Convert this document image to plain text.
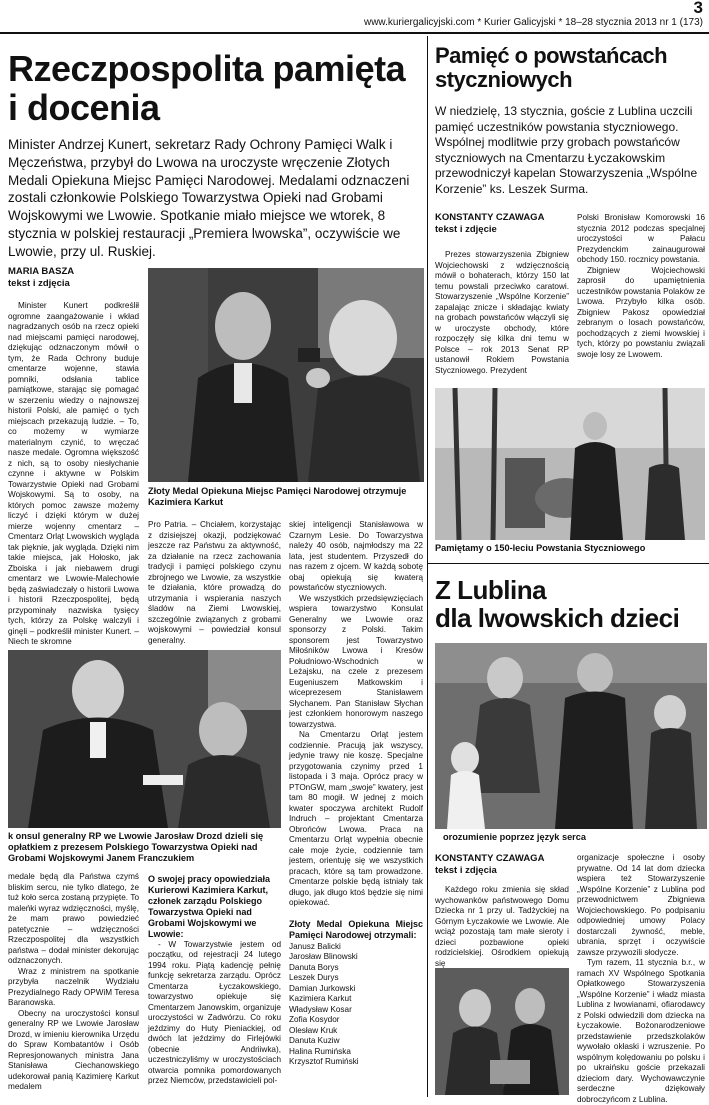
3
www.kuriergalicyjski.com * Kurier Galicyjski * 18–28 stycznia 2013 nr 1 (173)
Rzeczpospolita pamięta
i docenia
Minister Andrzej Kunert, sekretarz Rady Ochrony Pamięci Walk i Męczeństwa, przybył do Lwowa na uroczyste wręczenie Złotych Medali Opiekuna Miejsc Pamięci Narodowej. Medalami odznaczeni zostali członkowie Polskiego Towarzystwa Opieki nad Grobami Wojskowymi we Lwowie. Spotkanie miało miejsce we wtorek, 8 stycznia w polskiej restauracji „Premiera lwowska”, oczywiście we Lwowie, przy ul. Ruskiej.
MARIA BASZA
tekst i zdjęcia

Minister Kunert podkreślił ogromne zaangażowanie i wkład nagradzanych osób na rzecz opieki nad miejscami pamięci narodowej, dziękując odznaczonym mówił o tym, że Rada Ochrony buduje cmentarze wojenne, stawia pomniki, odsłania tablice pamiątkowe, starając się pomagać w szerzeniu wiedzy o najnowszej historii Polski, ale pamięć o tych miejscach przekazują ludzie. – To, co możemy w wymiarze materialnym czynić, to wręczać nasze medale. Ogromna większość z nich, są to osoby niesłychanie czynne i aktywne w Polskim Towarzystwie Opieki nad Grobami Wojskowymi. Są to osoby, na których pomoc zawsze możemy liczyć i dzięki którym w dużej mierze wojenny cmentarz – Cmentarz Orląt Lwowskich wygląda tak pięknie, jak wygląda. Dzięki nim takie miejsca, jak Hołosko, jak Zboiska i jak niebawem drugi cmentarz we Lwowie-Malechowie będą zaświadczały o historii Lwowa i historii Rzeczpospolitej, będą przypominały nazwiska tysięcy tych, którzy za Polskę walczyli i ginęli – podkreślił minister Kunert. – Niech te skromne

Złoty Medal Opiekuna Miejsc Pamięci Narodowej otrzymuje Kazimiera Karkut

Pro Patria. – Chciałem, korzystając z dzisiejszej okazji, podziękować jeszcze raz Państwu za aktywność, za działanie na rzecz zachowania tradycji i pamięci polskiego czynu zbrojnego we Lwowie, za wszystkie te działania, które prowadzą do utrzymania i wspierania naszych śladów na Ziemi Lwowskiej, szczególnie związanych z grobami wojskowymi – powiedział konsul generalny.

skiej inteligencji Stanisławowa w Czarnym Lesie. Do Towarzystwa należy 40 osób, najmłodszy ma 22 lata, jest studentem. Przyszedł do nas razem z ojcem. W każdą sobotę obaj opiekują się kwaterą powstańców styczniowych.

We wszystkich przedsięwzięciach wspiera towarzystwo Konsulat Generalny we Lwowie oraz sponsorzy z Polski. Takim sponsorem jest Towarzystwo Miłośników Lwowa i Kresów Południowo-Wschodnich w Leżajsku, na czele z prezesem Eugeniuszem Matkowskim i wiceprezesem Stanisławem Słychanem. Pan Stanisław Słychan jest członkiem honorowym naszego towarzystwa.

Na Cmentarzu Orląt jestem codziennie. Pracują jak wszyscy, jedynie trawy nie koszę. Specjalne przygotowania czynimy przed 1 listopada i 3 maja. Oprócz pracy w PTOnGW, mam „swoje” kwatery, jest tam 80 mogił. W jednej z moich kwater spoczywa architekt Rudolf Indruch – projektant Cmentarza Obrońców Lwowa. Praca na Cmentarzu Orląt wypełnia obecnie całe moje życie, codziennie tam jestem, orientuję się we wszystkich pracach, które są tam prowadzone. Cmentarze polskie będą istniały tak długo, jak długo ktoś będzie się nimi opiekować.

Złoty Medal Opiekuna Miejsc Pamięci Narodowej otrzymali:
Janusz Balicki
Jarosław Blinowski
Danuta Borys
Leszek Durys
Damian Jurkowski
Kazimiera Karkut
Władysław Kosar
Zofia Kosydor
Olesław Kruk
Danuta Kuziw
Halina Rumińska
Krzysztof Rumiński
k onsul generalny RP we Lwowie Jarosław Drozd dzieli się opłatkiem z prezesem Polskiego Towarzystwa Opieki nad Grobami Wojskowymi Janem Franczukiem

medale będą dla Państwa czymś bliskim sercu, nie tylko dlatego, że tuż koło serca zostaną przypięte. To maleńki wyraz wdzięczności, myślę, że mam prawo powiedzieć patetycznie – wdzięczności Rzeczpospolitej dla wszystkich państwa – dodał minister dekorując odznaczonych.

Wraz z ministrem na spotkanie przybyła naczelnik Wydziału Prezydialnego Rady OPWiM Teresa Baranowska.

Obecny na uroczystości konsul generalny RP we Lwowie Jarosław Drozd, w imieniu kierownika Urzędu do Spraw Kombatantów i Osób Represjonowanych ministra Jana Stanisława Ciechanowskiego udekorował panią Kazimierę Karkut medalem

O swojej pracy opowiedziała Kurierowi Kazimiera Karkut, członek zarządu Polskiego Towarzystwa Opieki nad Grobami Wojskowymi we Lwowie:

- W Towarzystwie jestem od początku, od rejestracji 24 lutego 1994 roku. Piątą kadencję pełnię funkcję sekretarza zarządu. Oprócz Cmentarza Łyczakowskiego, towarzystwo opiekuje się Cmentarzem Janowskim, organizuje uroczystości w Zadwórzu. Co roku jeździmy do Huty Pieniackiej, od dwóch lat jeździmy do Firlejówki (obecnie Andriiwka), uczestniczyliśmy w uroczystościach otwarcia pomnika pomordowanych przez Niemców, przedstawicieli pol-

Pamięć o powstańcach
styczniowych
W niedzielę, 13 stycznia, goście z Lublina uczcili pamięć uczestników powstania styczniowego. Wspólnej modlitwie przy grobach powstańców styczniowych na Cmentarzu Łyczakowskim przewodniczył kapelan Stowarzyszenia „Wspólne Korzenie” ks. Leszek Surma.
KONSTANTY CZAWAGA
tekst i zdjęcie

Prezes stowarzyszenia Zbigniew Wojciechowski z wdzięcznością mówił o bohaterach, którzy 150 lat temu powstali przeciwko caratowi. Stowarzyszenie „Wspólne Korzenie” zapalając znicze i składając kwiaty na grobach powstańców włączyli się w uroczyste obchody, które rozpoczęły się kilka dni temu w Polsce – rok 2013 Senat RP ustanowił Rokiem Powstania Styczniowego. Prezydent

Polski Bronisław Komorowski 16 stycznia 2012 podczas specjalnej uroczystości w Pałacu Prezydenckim zainaugurował obchody 150. rocznicy powstania.

Zbigniew Wojciechowski zaprosił do upamiętnienia uczestników powstania Polaków ze Lwowa. Przybyło kilka osób. Zbigniew Pakosz opowiedział zebranym o losach powstańców, pochodzących z ziemi lwowskiej i tych, którzy po powstaniu związali swoje losy ze Lwowem.

Pamiętamy o 150-leciu Powstania Styczniowego
Z Lublina
dla lwowskich dzieci
orozumienie poprzez język serca
KONSTANTY CZAWAGA
tekst i zdjęcia

Każdego roku zmienia się skład wychowanków państwowego Domu Dziecka nr 1 przy ul. Tadżyckiej na Górnym Łyczakowie we Lwowie. Ale wciąż pozostają tam małe sieroty i dzieci pozbawione opieki rodzicielskiej. Ośrodkiem opiekują się

organizacje społeczne i osoby prywatne. Od 14 lat dom dziecka wspiera też Stowarzyszenie „Wspólne Korzenie” z Lublina pod przewodnictwem Zbigniewa Wojciechowskiego. Po podpisaniu odpowiedniej umowy Polacy dostarczali żywność, meble, ubrania, sprzęt i oczywiście zawsze przywozili słodycze.

Tym razem, 11 stycznia b.r., w ramach XV Wspólnego Spotkania Opłatkowego Stowarzyszenia „Wspólne Korzenie” i władz miasta Lublina z lwowianami, ofiarodawcy z Polski odwiedzili dom dziecka na Łyczakowie. Bożonarodzeniowe przedstawienie przedszkolaków wywołało okłaski i wzruszenie. Po wspólnym kolędowaniu po polsku i po ukraińsku goście przekazali dzieciom dary. Wychowawczynie serdeczne dziękowały dobroczyńcom z Lublina.
